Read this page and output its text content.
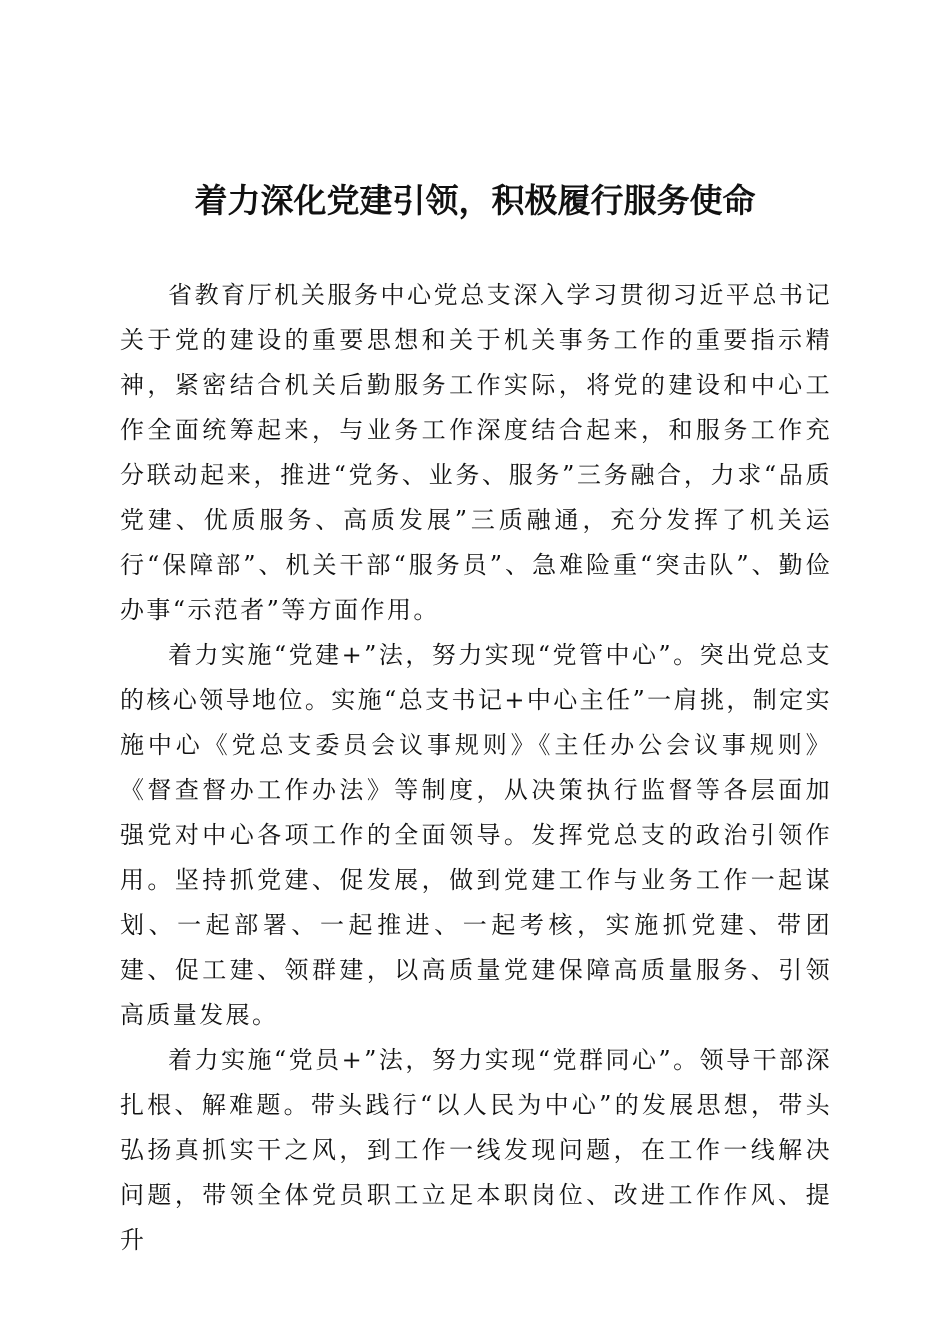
着力深化党建引领，积极履行服务使命

省教育厅机关服务中心党总支深入学习贯彻习近平总书记关于党的建设的重要思想和关于机关事务工作的重要指示精神，紧密结合机关后勤服务工作实际，将党的建设和中心工作全面统筹起来，与业务工作深度结合起来，和服务工作充分联动起来，推进“党务、业务、服务”三务融合，力求“品质党建、优质服务、高质发展”三质融通，充分发挥了机关运行“保障部”、机关干部“服务员”、急难险重“突击队”、勤俭办事“示范者”等方面作用。

着力实施“党建+”法，努力实现“党管中心”。突出党总支的核心领导地位。实施“总支书记+中心主任”一肩挑，制定实施中心《党总支委员会议事规则》《主任办公会议事规则》《督查督办工作办法》等制度，从决策执行监督等各层面加强党对中心各项工作的全面领导。发挥党总支的政治引领作用。坚持抓党建、促发展，做到党建工作与业务工作一起谋划、一起部署、一起推进、一起考核，实施抓党建、带团建、促工建、领群建，以高质量党建保障高质量服务、引领高质量发展。

着力实施“党员+”法，努力实现“党群同心”。领导干部深扎根、解难题。带头践行“以人民为中心”的发展思想，带头弘扬真抓实干之风，到工作一线发现问题，在工作一线解决问题，带领全体党员职工立足本职岗位、改进工作作风、提升
